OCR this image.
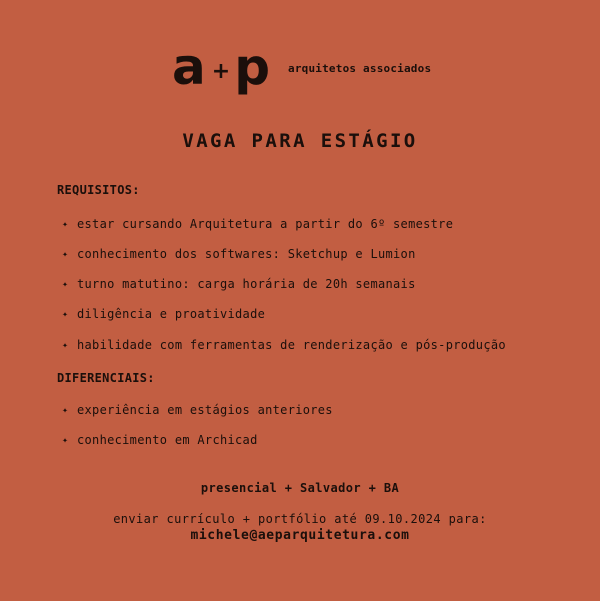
a + p arquitetos associados
VAGA PARA ESTÁGIO
REQUISITOS:
✦ estar cursando Arquitetura a partir do 6º semestre
✦ conhecimento dos softwares: Sketchup e Lumion
✦ turno matutino: carga horária de 20h semanais
✦ diligência e proatividade
✦ habilidade com ferramentas de renderização e pós-produção
DIFERENCIAIS:
✦ experiência em estágios anteriores
✦ conhecimento em Archicad
presencial + Salvador + BA
enviar currículo + portfólio até 09.10.2024 para:
michele@aeparquitetura.com
